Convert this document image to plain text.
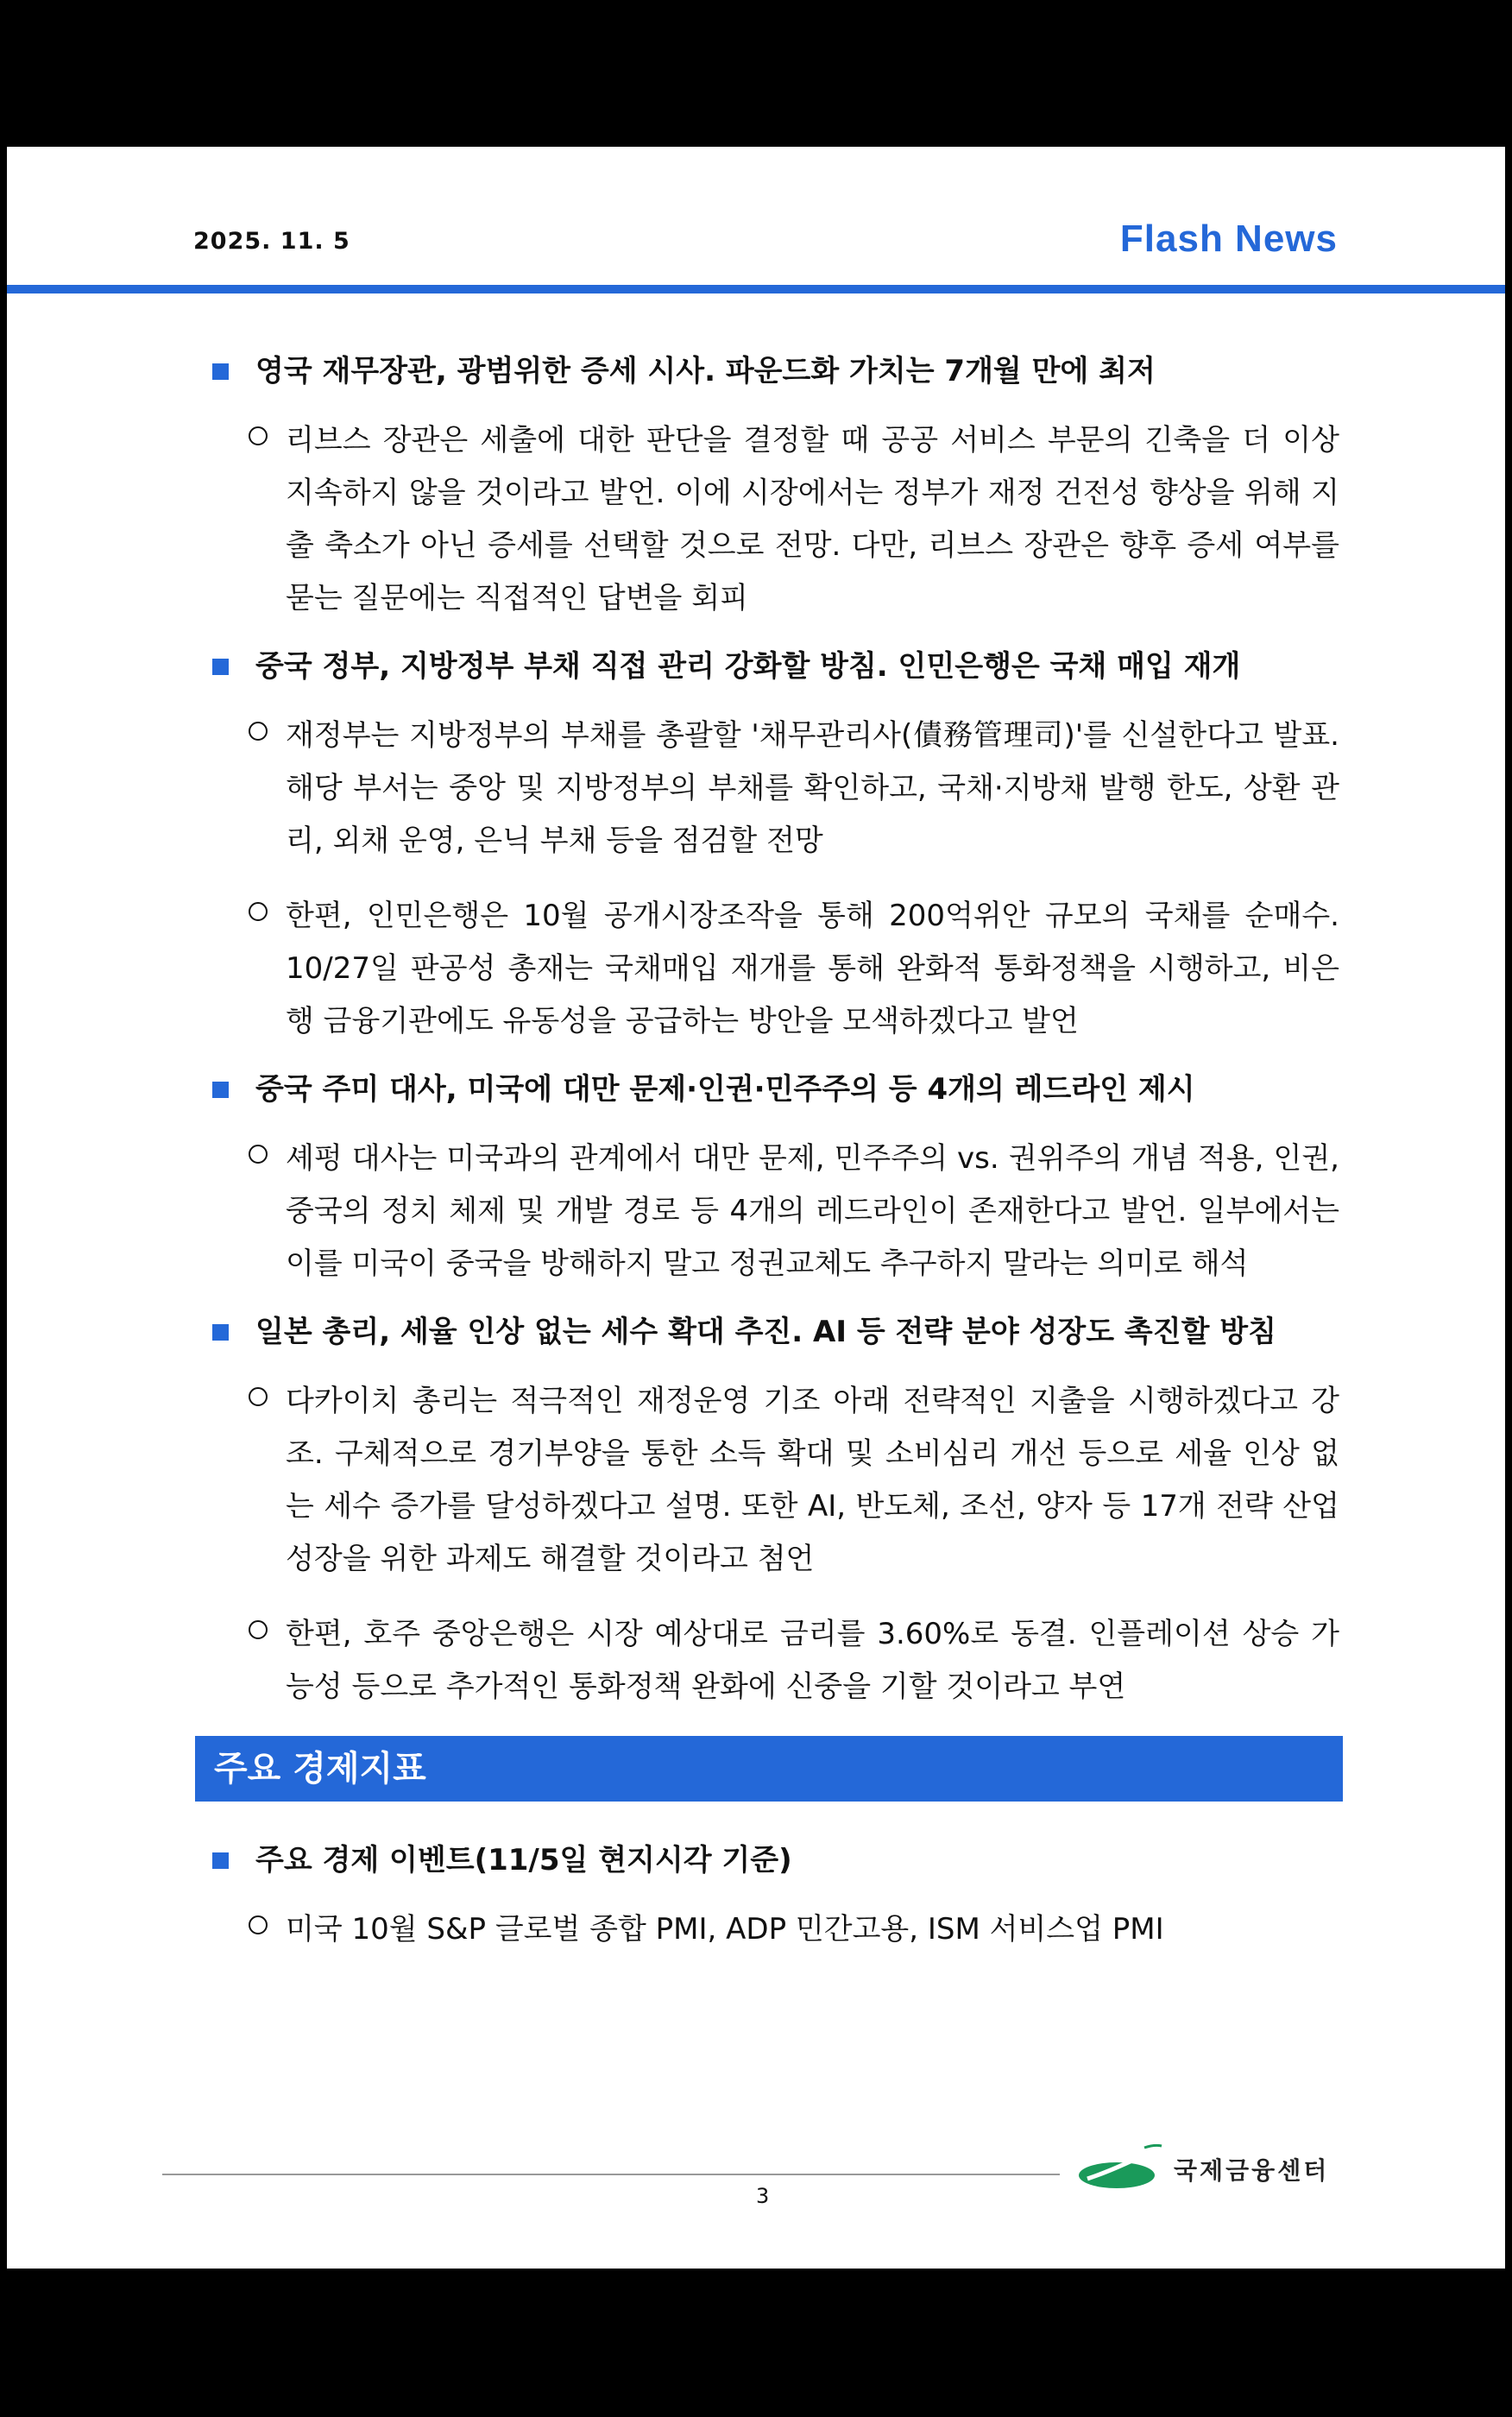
2025. 11. 5	Flash News
영국 재무장관, 광범위한 증세 시사. 파운드화 가치는 7개월 만에 최저
리브스 장관은 세출에 대한 판단을 결정할 때 공공 서비스 부문의 긴축을 더 이상 지속하지 않을 것이라고 발언. 이에 시장에서는 정부가 재정 건전성 향상을 위해 지출 축소가 아닌 증세를 선택할 것으로 전망. 다만, 리브스 장관은 향후 증세 여부를 묻는 질문에는 직접적인 답변을 회피
중국 정부, 지방정부 부채 직접 관리 강화할 방침. 인민은행은 국채 매입 재개
재정부는 지방정부의 부채를 총괄할 '채무관리사(債務管理司)'를 신설한다고 발표. 해당 부서는 중앙 및 지방정부의 부채를 확인하고, 국채·지방채 발행 한도, 상환 관리, 외채 운영, 은닉 부채 등을 점검할 전망
한편, 인민은행은 10월 공개시장조작을 통해 200억위안 규모의 국채를 순매수. 10/27일 판공성 총재는 국채매입 재개를 통해 완화적 통화정책을 시행하고, 비은행 금융기관에도 유동성을 공급하는 방안을 모색하겠다고 발언
중국 주미 대사, 미국에 대만 문제·인권·민주주의 등 4개의 레드라인 제시
셰펑 대사는 미국과의 관계에서 대만 문제, 민주주의 vs. 권위주의 개념 적용, 인권, 중국의 정치 체제 및 개발 경로 등 4개의 레드라인이 존재한다고 발언. 일부에서는 이를 미국이 중국을 방해하지 말고 정권교체도 추구하지 말라는 의미로 해석
일본 총리, 세율 인상 없는 세수 확대 추진. AI 등 전략 분야 성장도 촉진할 방침
다카이치 총리는 적극적인 재정운영 기조 아래 전략적인 지출을 시행하겠다고 강조. 구체적으로 경기부양을 통한 소득 확대 및 소비심리 개선 등으로 세율 인상 없는 세수 증가를 달성하겠다고 설명. 또한 AI, 반도체, 조선, 양자 등 17개 전략 산업 성장을 위한 과제도 해결할 것이라고 첨언
한편, 호주 중앙은행은 시장 예상대로 금리를 3.60%로 동결. 인플레이션 상승 가능성 등으로 추가적인 통화정책 완화에 신중을 기할 것이라고 부연
주요 경제지표
주요 경제 이벤트(11/5일 현지시각 기준)
미국 10월 S&P 글로벌 종합 PMI, ADP 민간고용, ISM 서비스업 PMI
국제금융센터
3
